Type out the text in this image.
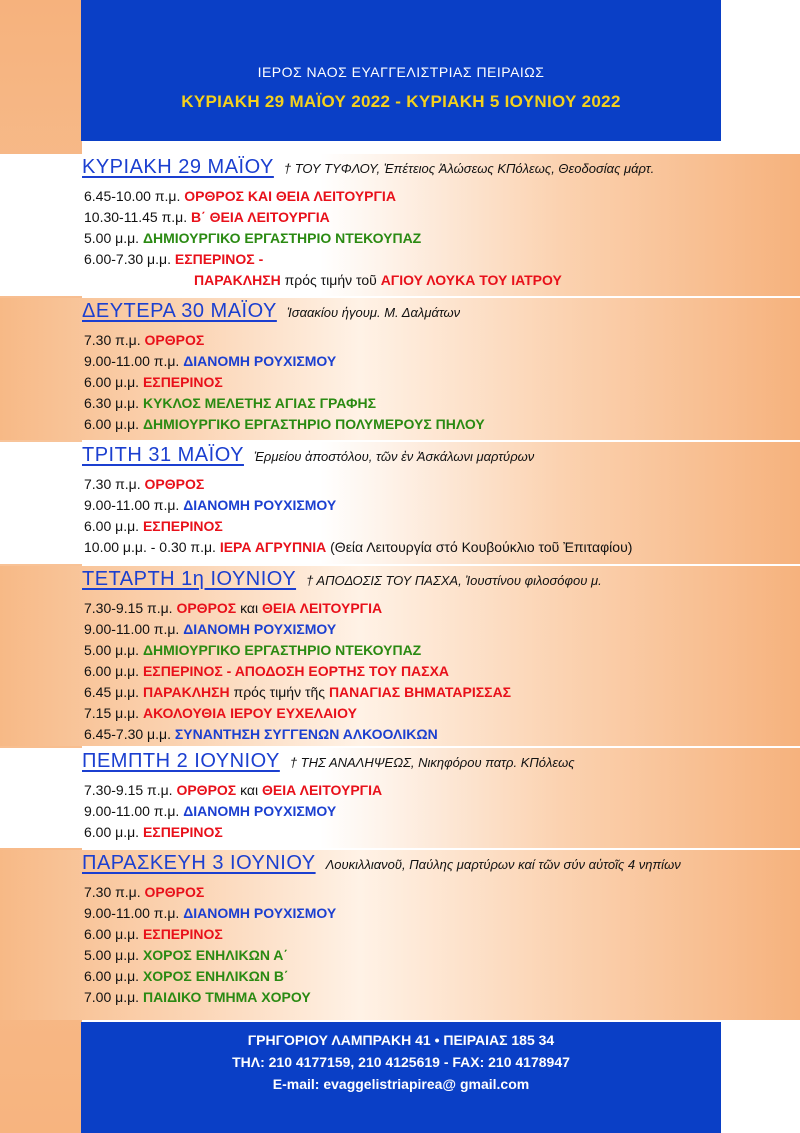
ΙΕΡΟΣ ΝΑΟΣ ΕΥΑΓΓΕΛΙΣΤΡΙΑΣ ΠΕΙΡΑΙΩΣ
ΚΥΡΙΑΚΗ 29 ΜΑΪΟΥ 2022 - ΚΥΡΙΑΚΗ 5 ΙΟΥΝΙΟΥ 2022
ΚΥΡΙΑΚΗ 29 ΜΑΪΟΥ † ΤΟΥ ΤΥΦΛΟΥ, Ἐπέτειος Ἁλώσεως ΚΠόλεως, Θεοδοσίας μάρτ.
6.45-10.00 π.μ. ΟΡΘΡΟΣ ΚΑΙ ΘΕΙΑ ΛΕΙΤΟΥΡΓΙΑ
10.30-11.45 π.μ. Β΄ ΘΕΙΑ ΛΕΙΤΟΥΡΓΙΑ
5.00 μ.μ. ΔΗΜΙΟΥΡΓΙΚΟ ΕΡΓΑΣΤΗΡΙΟ ΝΤΕΚΟΥΠΑΖ
6.00-7.30 μ.μ. ΕΣΠΕΡΙΝΟΣ -
ΠΑΡΑΚΛΗΣΗ πρός τιμήν τοῦ ΑΓΙΟΥ ΛΟΥΚΑ ΤΟΥ ΙΑΤΡΟΥ
ΔΕΥΤΕΡΑ 30 ΜΑΪΟΥ Ἰσαακίου ἡγουμ. Μ. Δαλμάτων
7.30 π.μ. ΟΡΘΡΟΣ
9.00-11.00 π.μ. ΔΙΑΝΟΜΗ ΡΟΥΧΙΣΜΟΥ
6.00 μ.μ. ΕΣΠΕΡΙΝΟΣ
6.30 μ.μ. ΚΥΚΛΟΣ ΜΕΛΕΤΗΣ ΑΓΙΑΣ ΓΡΑΦΗΣ
6.00 μ.μ. ΔΗΜΙΟΥΡΓΙΚΟ ΕΡΓΑΣΤΗΡΙΟ ΠΟΛΥΜΕΡΟΥΣ ΠΗΛΟΥ
ΤΡΙΤΗ 31 ΜΑΪΟΥ Ἑρμείου ἀποστόλου, τῶν ἐν Ἀσκάλωνι μαρτύρων
7.30 π.μ. ΟΡΘΡΟΣ
9.00-11.00 π.μ. ΔΙΑΝΟΜΗ ΡΟΥΧΙΣΜΟΥ
6.00 μ.μ. ΕΣΠΕΡΙΝΟΣ
10.00 μ.μ. - 0.30 π.μ. ΙΕΡΑ ΑΓΡΥΠΝΙΑ (Θεία Λειτουργία στό Κουβούκλιο τοῦ Ἐπιταφίου)
ΤΕΤΑΡΤΗ 1η ΙΟΥΝΙΟΥ † ΑΠΟΔΟΣΙΣ ΤΟΥ ΠΑΣΧΑ, Ἰουστίνου φιλοσόφου μ.
7.30-9.15 π.μ. ΟΡΘΡΟΣ και ΘΕΙΑ ΛΕΙΤΟΥΡΓΙΑ
9.00-11.00 π.μ. ΔΙΑΝΟΜΗ ΡΟΥΧΙΣΜΟΥ
5.00 μ.μ. ΔΗΜΙΟΥΡΓΙΚΟ ΕΡΓΑΣΤΗΡΙΟ ΝΤΕΚΟΥΠΑΖ
6.00 μ.μ. ΕΣΠΕΡΙΝΟΣ - ΑΠΟΔΟΣΗ ΕΟΡΤΗΣ ΤΟΥ ΠΑΣΧΑ
6.45 μ.μ. ΠΑΡΑΚΛΗΣΗ πρός τιμήν τῆς ΠΑΝΑΓΙΑΣ ΒΗΜΑΤΑΡΙΣΣΑΣ
7.15 μ.μ. ΑΚΟΛΟΥΘΙΑ ΙΕΡΟΥ ΕΥΧΕΛΑΙΟΥ
6.45-7.30 μ.μ. ΣΥΝΑΝΤΗΣΗ ΣΥΓΓΕΝΩΝ ΑΛΚΟΟΛΙΚΩΝ
ΠΕΜΠΤΗ 2 ΙΟΥΝΙΟΥ † ΤΗΣ ΑΝΑΛΗΨΕΩΣ, Νικηφόρου πατρ. ΚΠόλεως
7.30-9.15 π.μ. ΟΡΘΡΟΣ και ΘΕΙΑ ΛΕΙΤΟΥΡΓΙΑ
9.00-11.00 π.μ. ΔΙΑΝΟΜΗ ΡΟΥΧΙΣΜΟΥ
6.00 μ.μ. ΕΣΠΕΡΙΝΟΣ
ΠΑΡΑΣΚΕΥΗ 3 ΙΟΥΝΙΟΥ Λουκιλλιανοῦ, Παύλης μαρτύρων καί τῶν σύν αὐτοῖς 4 νηπίων
7.30 π.μ. ΟΡΘΡΟΣ
9.00-11.00 π.μ. ΔΙΑΝΟΜΗ ΡΟΥΧΙΣΜΟΥ
6.00 μ.μ. ΕΣΠΕΡΙΝΟΣ
5.00 μ.μ. ΧΟΡΟΣ ΕΝΗΛΙΚΩΝ Α΄
6.00 μ.μ. ΧΟΡΟΣ ΕΝΗΛΙΚΩΝ Β΄
7.00 μ.μ. ΠΑΙΔΙΚΟ ΤΜΗΜΑ ΧΟΡΟΥ
ΓΡΗΓΟΡΙΟΥ ΛΑΜΠΡΑΚΗ 41 • ΠΕΙΡΑΙΑΣ 185 34
ΤΗΛ: 210 4177159, 210 4125619 - FAX: 210 4178947
E-mail: evaggelistriapirea@ gmail.com
